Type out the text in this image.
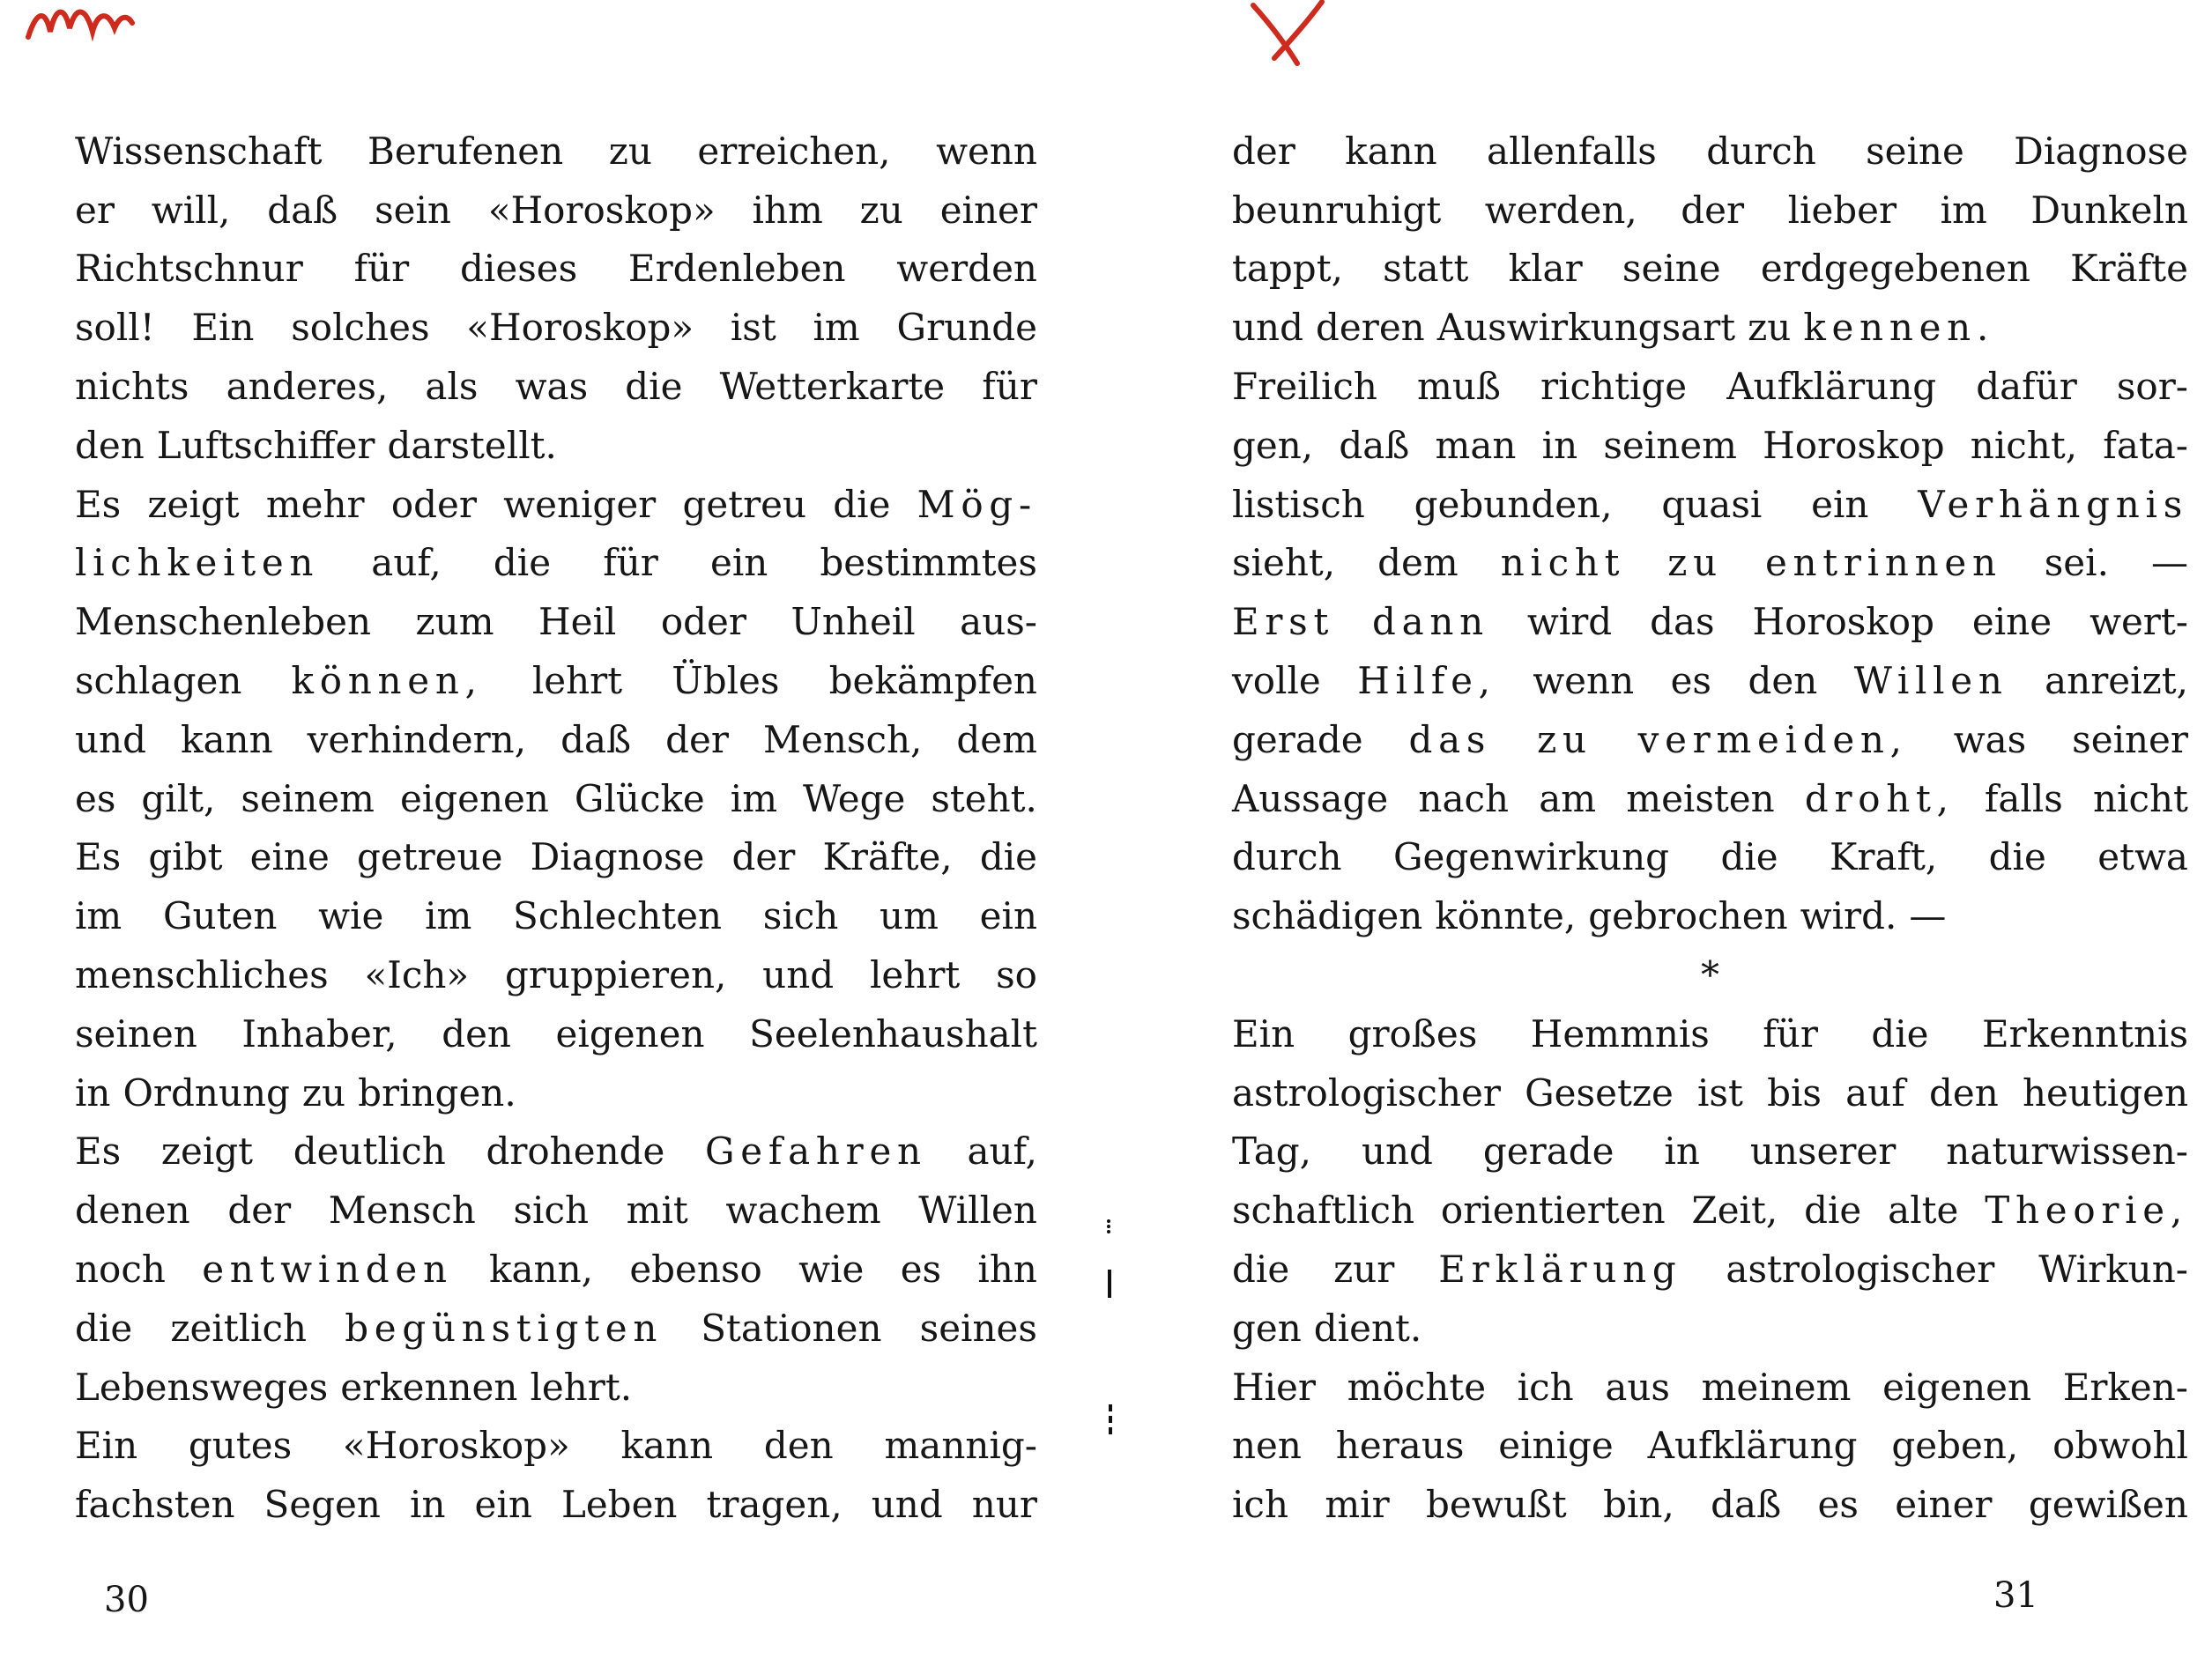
Wissenschaft Berufenen zu erreichen, wenn
er will, daß sein «Horoskop» ihm zu einer
Richtschnur für dieses Erdenleben werden
soll! Ein solches «Horoskop» ist im Grunde
nichts anderes, als was die Wetterkarte für
den Luftschiffer darstellt.
Es zeigt mehr oder weniger getreu die Mög-
lichkeiten auf, die für ein bestimmtes
Menschenleben zum Heil oder Unheil aus-
schlagen können, lehrt Übles bekämpfen
und kann verhindern, daß der Mensch, dem
es gilt, seinem eigenen Glücke im Wege steht.
Es gibt eine getreue Diagnose der Kräfte, die
im Guten wie im Schlechten sich um ein
menschliches «Ich» gruppieren, und lehrt so
seinen Inhaber, den eigenen Seelenhaushalt
in Ordnung zu bringen.
Es zeigt deutlich drohende Gefahren auf,
denen der Mensch sich mit wachem Willen
noch entwinden kann, ebenso wie es ihn
die zeitlich begünstigten Stationen seines
Lebensweges erkennen lehrt.
Ein gutes «Horoskop» kann den mannig-
fachsten Segen in ein Leben tragen, und nur
der kann allenfalls durch seine Diagnose
beunruhigt werden, der lieber im Dunkeln
tappt, statt klar seine erdgegebenen Kräfte
und deren Auswirkungsart zu kennen.
Freilich muß richtige Aufklärung dafür sor-
gen, daß man in seinem Horoskop nicht, fata-
listisch gebunden, quasi ein Verhängnis
sieht, dem nicht zu entrinnen sei. —
Erst dann wird das Horoskop eine wert-
volle Hilfe, wenn es den Willen anreizt,
gerade das zu vermeiden, was seiner
Aussage nach am meisten droht, falls nicht
durch Gegenwirkung die Kraft, die etwa
schädigen könnte, gebrochen wird. —
*
Ein großes Hemmnis für die Erkenntnis
astrologischer Gesetze ist bis auf den heutigen
Tag, und gerade in unserer naturwissen-
schaftlich orientierten Zeit, die alte Theorie,
die zur Erklärung astrologischer Wirkun-
gen dient.
Hier möchte ich aus meinem eigenen Erken-
nen heraus einige Aufklärung geben, obwohl
ich mir bewußt bin, daß es einer gewißen
30	31
